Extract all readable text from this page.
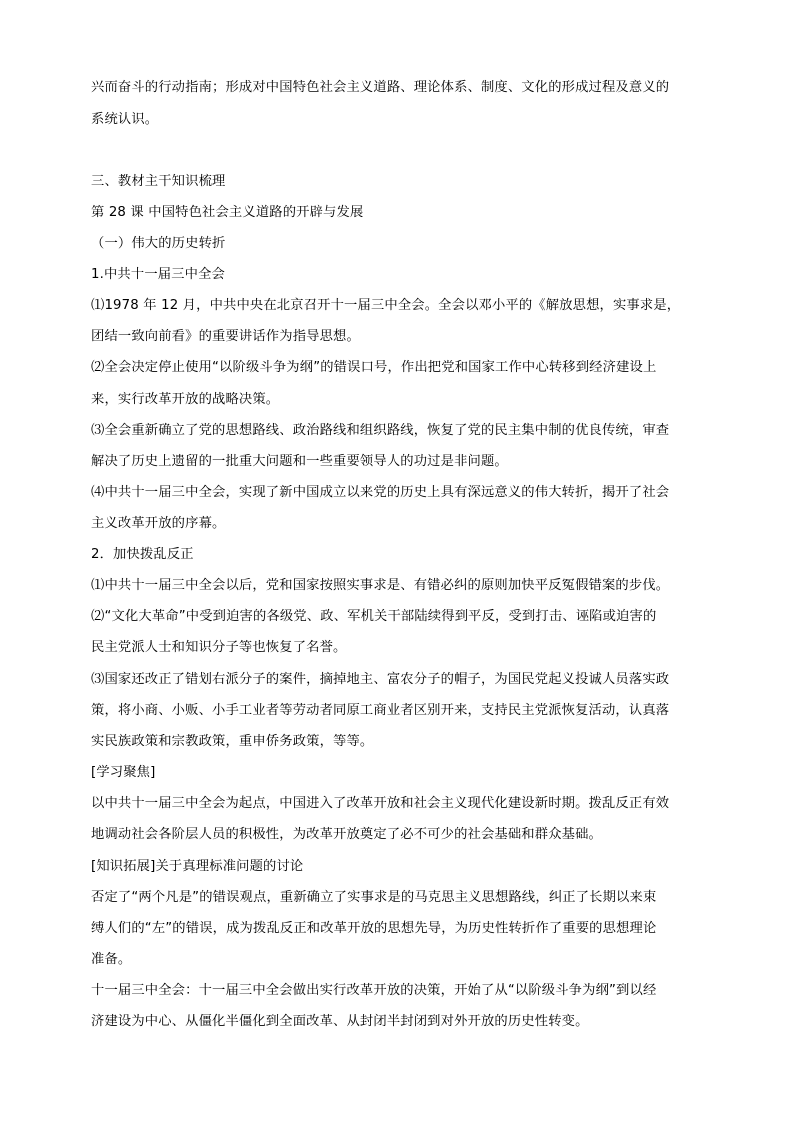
兴而奋斗的行动指南；形成对中国特色社会主义道路、理论体系、制度、文化的形成过程及意义的
系统认识。
三、教材主干知识梳理
第 28 课 中国特色社会主义道路的开辟与发展
（一）伟大的历史转折
1.中共十一届三中全会
⑴1978 年 12 月，中共中央在北京召开十一届三中全会。全会以邓小平的《解放思想，实事求是，
团结一致向前看》的重要讲话作为指导思想。
⑵全会决定停止使用“以阶级斗争为纲”的错误口号，作出把党和国家工作中心转移到经济建设上
来，实行改革开放的战略决策。
⑶全会重新确立了党的思想路线、政治路线和组织路线，恢复了党的民主集中制的优良传统，审查
解决了历史上遗留的一批重大问题和一些重要领导人的功过是非问题。
⑷中共十一届三中全会，实现了新中国成立以来党的历史上具有深远意义的伟大转折，揭开了社会
主义改革开放的序幕。
2．加快拨乱反正
⑴中共十一届三中全会以后，党和国家按照实事求是、有错必纠的原则加快平反冤假错案的步伐。
⑵“文化大革命”中受到迫害的各级党、政、军机关干部陆续得到平反，受到打击、诬陷或迫害的
民主党派人士和知识分子等也恢复了名誉。
⑶国家还改正了错划右派分子的案件，摘掉地主、富农分子的帽子，为国民党起义投诚人员落实政
策，将小商、小贩、小手工业者等劳动者同原工商业者区别开来，支持民主党派恢复活动，认真落
实民族政策和宗教政策，重申侨务政策，等等。
[学习聚焦]
以中共十一届三中全会为起点，中国进入了改革开放和社会主义现代化建设新时期。拨乱反正有效
地调动社会各阶层人员的积极性，为改革开放奠定了必不可少的社会基础和群众基础。
[知识拓展]关于真理标准问题的讨论
否定了“两个凡是”的错误观点，重新确立了实事求是的马克思主义思想路线，纠正了长期以来束
缚人们的“左”的错误，成为拨乱反正和改革开放的思想先导，为历史性转折作了重要的思想理论
准备。
十一届三中全会：十一届三中全会做出实行改革开放的决策，开始了从“以阶级斗争为纲”到以经
济建设为中心、从僵化半僵化到全面改革、从封闭半封闭到对外开放的历史性转变。
